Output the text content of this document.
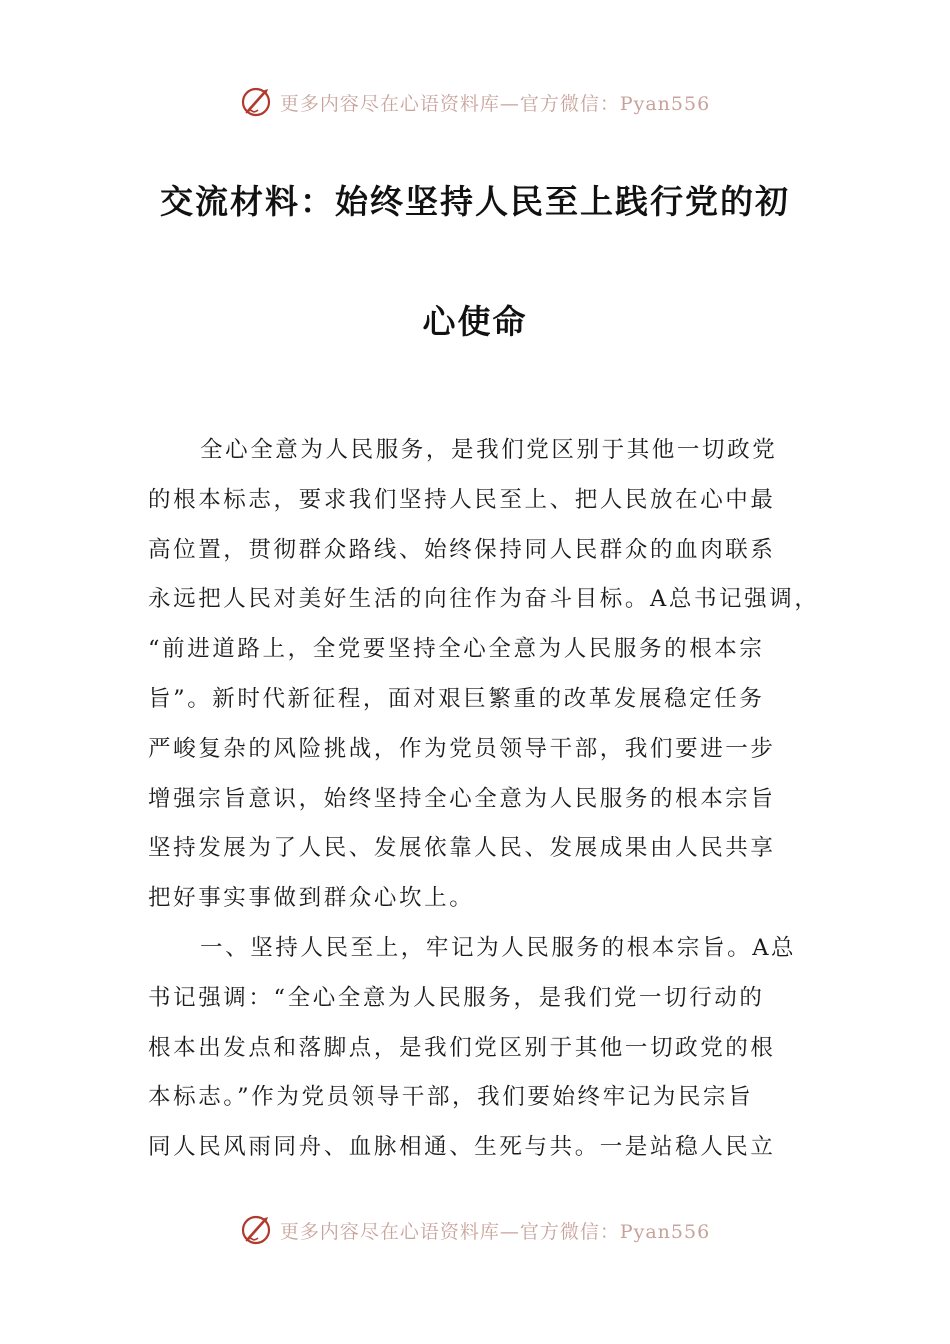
更多内容尽在心语资料库—官方微信：Pyan556
交流材料：始终坚持人民至上践行党的初
心使命
全心全意为人民服务，是我们党区别于其他一切政党
的根本标志，要求我们坚持人民至上、把人民放在心中最
高位置，贯彻群众路线、始终保持同人民群众的血肉联系
永远把人民对美好生活的向往作为奋斗目标。A总书记强调，
“前进道路上，全党要坚持全心全意为人民服务的根本宗
旨”。新时代新征程，面对艰巨繁重的改革发展稳定任务
严峻复杂的风险挑战，作为党员领导干部，我们要进一步
增强宗旨意识，始终坚持全心全意为人民服务的根本宗旨
坚持发展为了人民、发展依靠人民、发展成果由人民共享
把好事实事做到群众心坎上。
一、坚持人民至上，牢记为人民服务的根本宗旨。A总
书记强调：“全心全意为人民服务，是我们党一切行动的
根本出发点和落脚点，是我们党区别于其他一切政党的根
本标志。”作为党员领导干部，我们要始终牢记为民宗旨
同人民风雨同舟、血脉相通、生死与共。一是站稳人民立
更多内容尽在心语资料库—官方微信：Pyan556
